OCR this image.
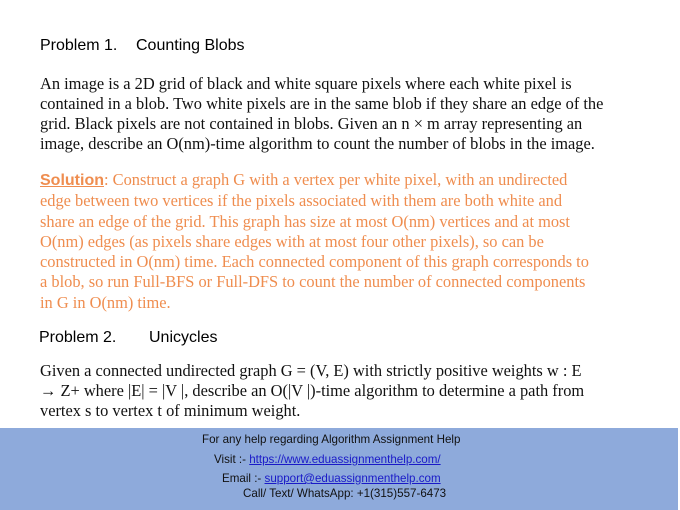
Problem 1. Counting Blobs
An image is a 2D grid of black and white square pixels where each white pixel is
contained in a blob. Two white pixels are in the same blob if they share an edge of the
grid. Black pixels are not contained in blobs. Given an n × m array representing an
image, describe an O(nm)-time algorithm to count the number of blobs in the image.
Solution: Construct a graph G with a vertex per white pixel, with an undirected
edge between two vertices if the pixels associated with them are both white and
share an edge of the grid. This graph has size at most O(nm) vertices and at most
O(nm) edges (as pixels share edges with at most four other pixels), so can be
constructed in O(nm) time. Each connected component of this graph corresponds to
a blob, so run Full-BFS or Full-DFS to count the number of connected components
in G in O(nm) time.
Problem 2. Unicycles
Given a connected undirected graph G = (V, E) with strictly positive weights w : E
→ Z+ where |E| = |V |, describe an O(|V |)-time algorithm to determine a path from
vertex s to vertex t of minimum weight.
For any help regarding Algorithm Assignment Help
Visit :- https://www.eduassignmenthelp.com/
Email :- support@eduassignmenthelp.com
Call/ Text/ WhatsApp: +1(315)557-6473
